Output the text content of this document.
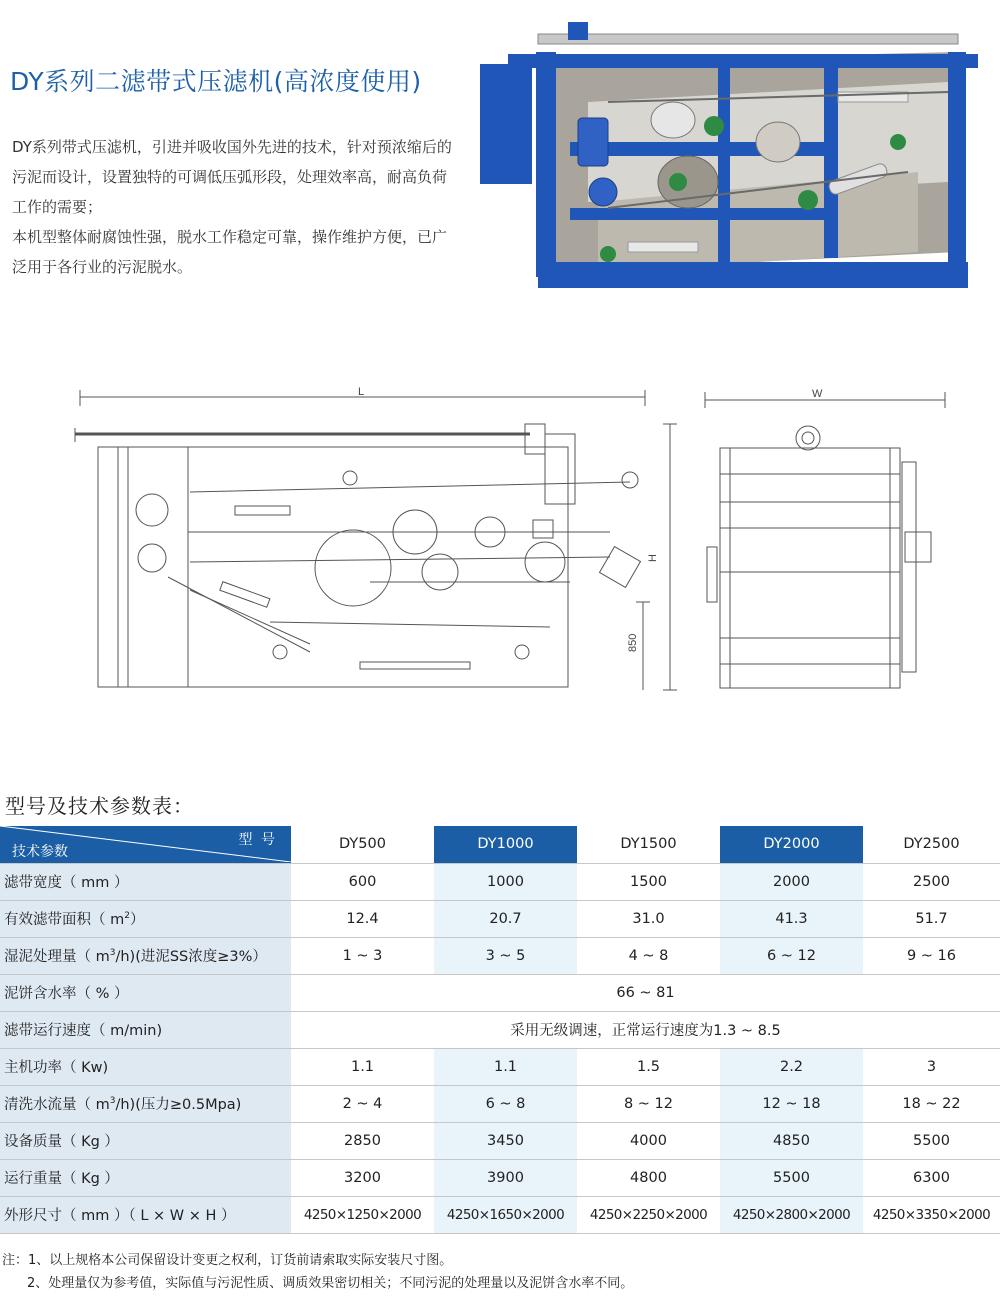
DY系列二滤带式压滤机(高浓度使用)

DY系列带式压滤机，引进并吸收国外先进的技术，针对预浓缩后的污泥而设计，设置独特的可调低压弧形段，处理效率高，耐高负荷工作的需要；

本机型整体耐腐蚀性强，脱水工作稳定可靠，操作维护方便，已广泛用于各行业的污泥脱水。

L
H
850
W
型号及技术参数表：
型 号
技术参数	DY500	DY1000	DY1500	DY2000	DY2500
滤带宽度（ mm ）	600	1000	1500	2000	2500
有效滤带面积（ $m^2$）	12.4	20.7	31.0	41.3	51.7
湿泥处理量（ $m^3/h$)(进泥SS浓度≥3%）	1 ~ 3	3 ~ 5	4 ~ 8	6 ~ 12	9 ~ 16
泥饼含水率（ % ）	66 ~ 81				
滤带运行速度（ m/min)	采用无级调速，正常运行速度为1.3 ~ 8.5				
主机功率（ Kw)	1.1	1.1	1.5	2.2	3
清洗水流量（ $m^3/h$)(压力≥0.5Mpa)	2 ~ 4	6 ~ 8	8 ~ 12	12 ~ 18	18 ~ 22
设备质量（ Kg ）	2850	3450	4000	4850	5500
运行重量（ Kg ）	3200	3900	4800	5500	6300
外形尺寸（ mm ）（ L × W × H ）	4250×1250×2000	4250×1650×2000	4250×2250×2000	4250×2800×2000	4250×3350×2000
注：1、以上规格本公司保留设计变更之权利，订货前请索取实际安装尺寸图。
2、处理量仅为参考值，实际值与污泥性质、调质效果密切相关；不同污泥的处理量以及泥饼含水率不同。
